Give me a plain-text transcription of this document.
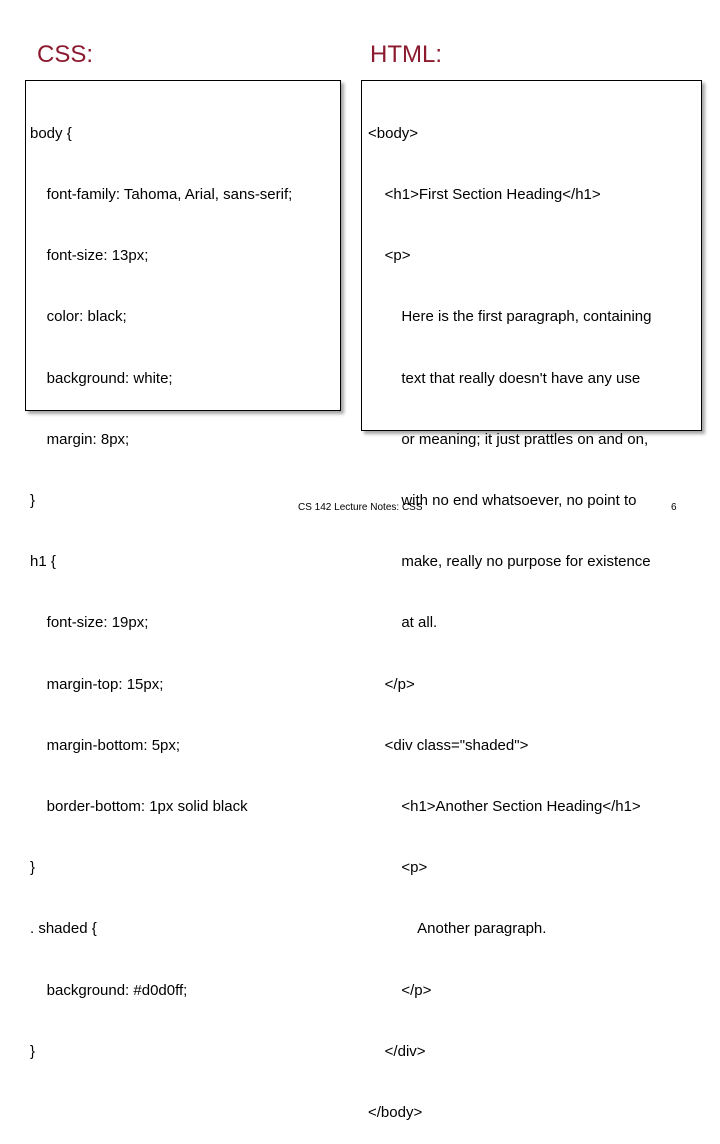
CSS:	HTML:

body {

font-family: Tahoma, Arial, sans-serif;

font-size: 13px;

color: black;

background: white;

margin: 8px;

}

h1 {

font-size: 19px;

margin-top: 15px;

margin-bottom: 5px;

border-bottom: 1px solid black

}

. shaded {

background: #d0d0ff;

}

<body>

<h1>First Section Heading</h1>

<p>

Here is the first paragraph, containing

text that really doesn't have any use

or meaning; it just prattles on and on,

with no end whatsoever, no point to

make, really no purpose for existence

at all.

</p>

<div class="shaded">

<h1>Another Section Heading</h1>

<p>

Another paragraph.

</p>

</div>

</body>

CS 142 Lecture Notes: CSS	6
